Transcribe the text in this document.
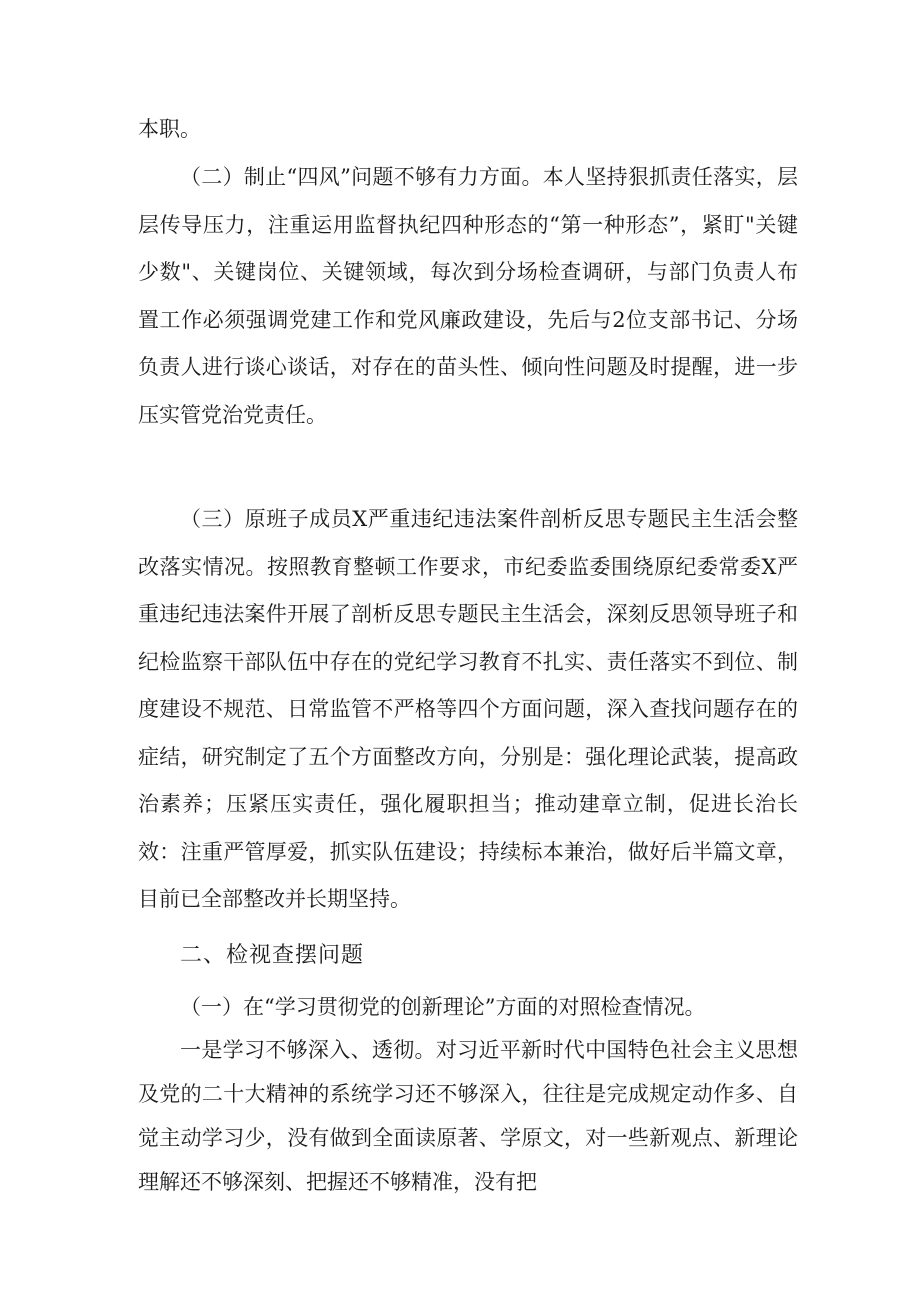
本职。
（二）制止“四风”问题不够有力方面。本人坚持狠抓责任落实，层层传导压力，注重运用监督执纪四种形态的“第一种形态”，紧盯"关键少数"、关键岗位、关键领域，每次到分场检查调研，与部门负责人布置工作必须强调党建工作和党风廉政建设，先后与2位支部书记、分场负责人进行谈心谈话，对存在的苗头性、倾向性问题及时提醒，进一步压实管党治党责任。
（三）原班子成员X严重违纪违法案件剖析反思专题民主生活会整改落实情况。按照教育整顿工作要求，市纪委监委围绕原纪委常委X严重违纪违法案件开展了剖析反思专题民主生活会，深刻反思领导班子和纪检监察干部队伍中存在的党纪学习教育不扎实、责任落实不到位、制度建设不规范、日常监管不严格等四个方面问题，深入查找问题存在的症结，研究制定了五个方面整改方向，分别是：强化理论武装，提高政治素养；压紧压实责任，强化履职担当；推动建章立制，促进长治长效：注重严管厚爱，抓实队伍建设；持续标本兼治，做好后半篇文章，目前已全部整改并长期坚持。
二、检视查摆问题
（一）在“学习贯彻党的创新理论”方面的对照检查情况。
一是学习不够深入、透彻。对习近平新时代中国特色社会主义思想及党的二十大精神的系统学习还不够深入，往往是完成规定动作多、自觉主动学习少，没有做到全面读原著、学原文，对一些新观点、新理论理解还不够深刻、把握还不够精准，没有把
